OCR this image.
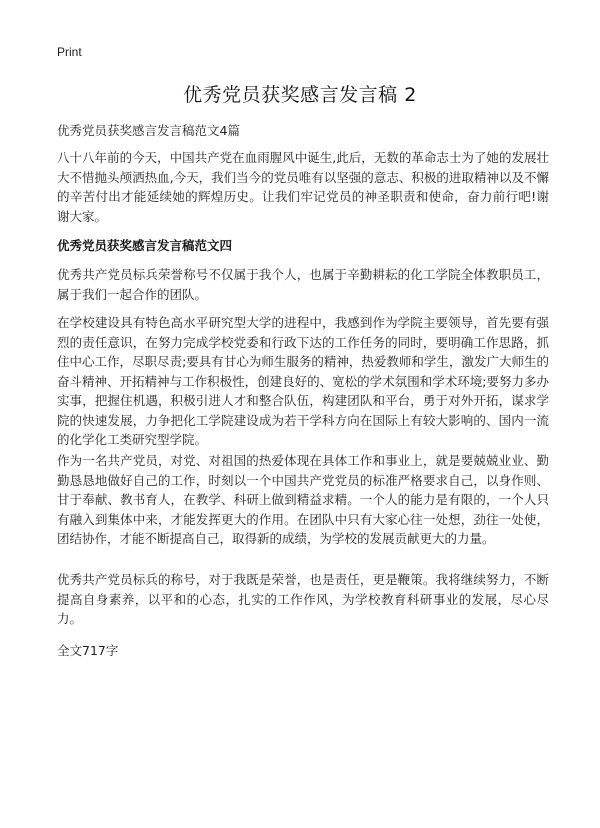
Print
优秀党员获奖感言发言稿 2
优秀党员获奖感言发言稿范文4篇

八十八年前的今天，中国共产党在血雨腥风中诞生,此后，无数的革命志士为了她的发展壮大不惜抛头颅洒热血,今天，我们当今的党员唯有以坚强的意志、积极的进取精神以及不懈的辛苦付出才能延续她的辉煌历史。让我们牢记党员的神圣职责和使命，奋力前行吧!谢谢大家。

优秀党员获奖感言发言稿范文四

优秀共产党员标兵荣誉称号不仅属于我个人，也属于辛勤耕耘的化工学院全体教职员工，属于我们一起合作的团队。

在学校建设具有特色高水平研究型大学的进程中，我感到作为学院主要领导，首先要有强烈的责任意识，在努力完成学校党委和行政下达的工作任务的同时，要明确工作思路，抓住中心工作，尽职尽责;要具有甘心为师生服务的精神，热爱教师和学生，激发广大师生的奋斗精神、开拓精神与工作积极性，创建良好的、宽松的学术氛围和学术环境;要努力多办实事，把握住机遇，积极引进人才和整合队伍，构建团队和平台，勇于对外开拓，谋求学院的快速发展，力争把化工学院建设成为若干学科方向在国际上有较大影响的、国内一流的化学化工类研究型学院。

作为一名共产党员，对党、对祖国的热爱体现在具体工作和事业上，就是要兢兢业业、勤勤恳恳地做好自己的工作，时刻以一个中国共产党党员的标准严格要求自己，以身作则、甘于奉献、教书育人，在教学、科研上做到精益求精。一个人的能力是有限的，一个人只有融入到集体中来，才能发挥更大的作用。在团队中只有大家心往一处想，劲往一处使，团结协作，才能不断提高自己，取得新的成绩，为学校的发展贡献更大的力量。

优秀共产党员标兵的称号，对于我既是荣誉，也是责任，更是鞭策。我将继续努力，不断提高自身素养，以平和的心态，扎实的工作作风，为学校教育科研事业的发展，尽心尽力。

全文717字
